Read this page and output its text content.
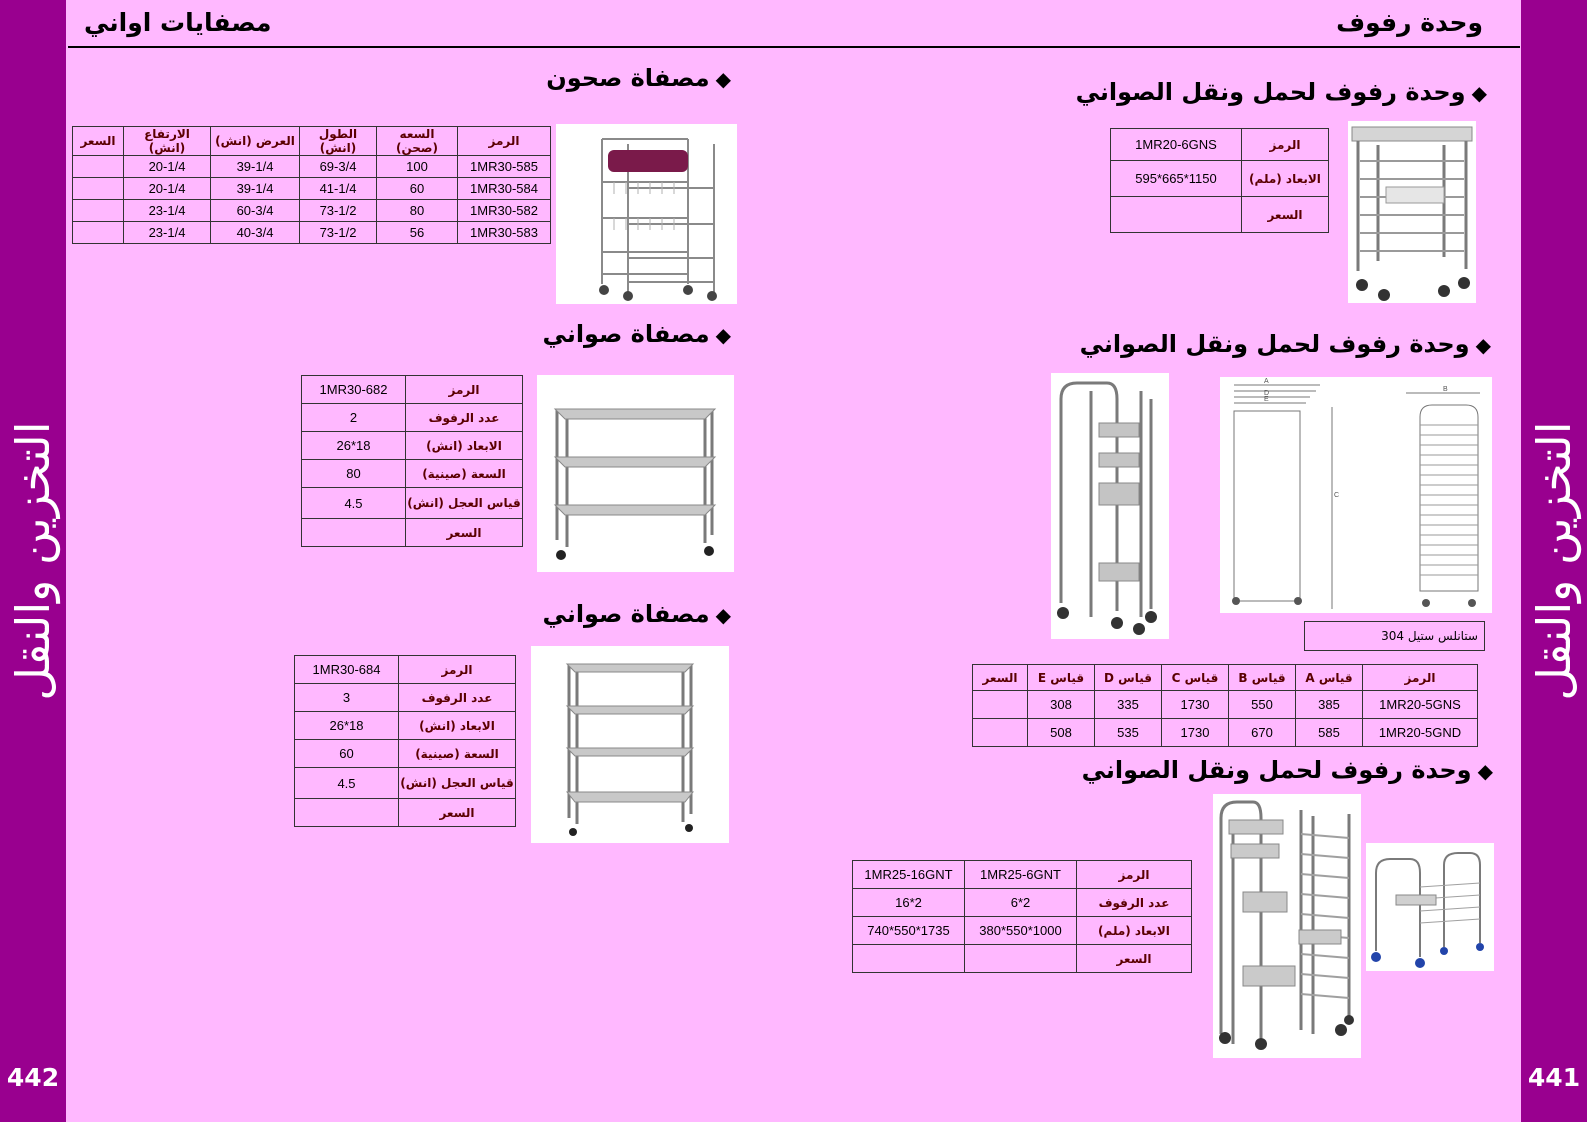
التخزين والنقل
442
التخزين والنقل
441
مصفايات اواني	وحدة رفوف
◆مصفاة صحون
السعر	الارتفاع (انش)	العرض (انش)	الطول (انش)	السعه (صحن)	الرمز
	20-1/4	39-1/4	69-3/4	100	1MR30-585
	20-1/4	39-1/4	41-1/4	60	1MR30-584
	23-1/4	60-3/4	73-1/2	80	1MR30-582
	23-1/4	40-3/4	73-1/2	56	1MR30-583
◆مصفاة صواني
1MR30-682	الرمز
2	عدد الرفوف
26*18	الابعاد (انش)
80	السعة (صينية)
4.5	قياس العجل (انش)
	السعر
◆مصفاة صواني
1MR30-684	الرمز
3	عدد الرفوف
26*18	الابعاد (انش)
60	السعة (صينية)
4.5	قياس العجل (انش)
	السعر
◆وحدة رفوف لحمل ونقل الصواني
1MR20-6GNS	الرمز
595*665*1150	الابعاد (ملم)
	السعر
◆وحدة رفوف لحمل ونقل الصواني
A
B
C
D
E
ستانلس ستيل 304
السعر	قياس E	قياس D	قياس C	قياس B	قياس A	الرمز
	308	335	1730	550	385	1MR20-5GNS
	508	535	1730	670	585	1MR20-5GND
◆وحدة رفوف لحمل ونقل الصواني
1MR25-16GNT	1MR25-6GNT	الرمز
16*2	6*2	عدد الرفوف
740*550*1735	380*550*1000	الابعاد (ملم)
		السعر
